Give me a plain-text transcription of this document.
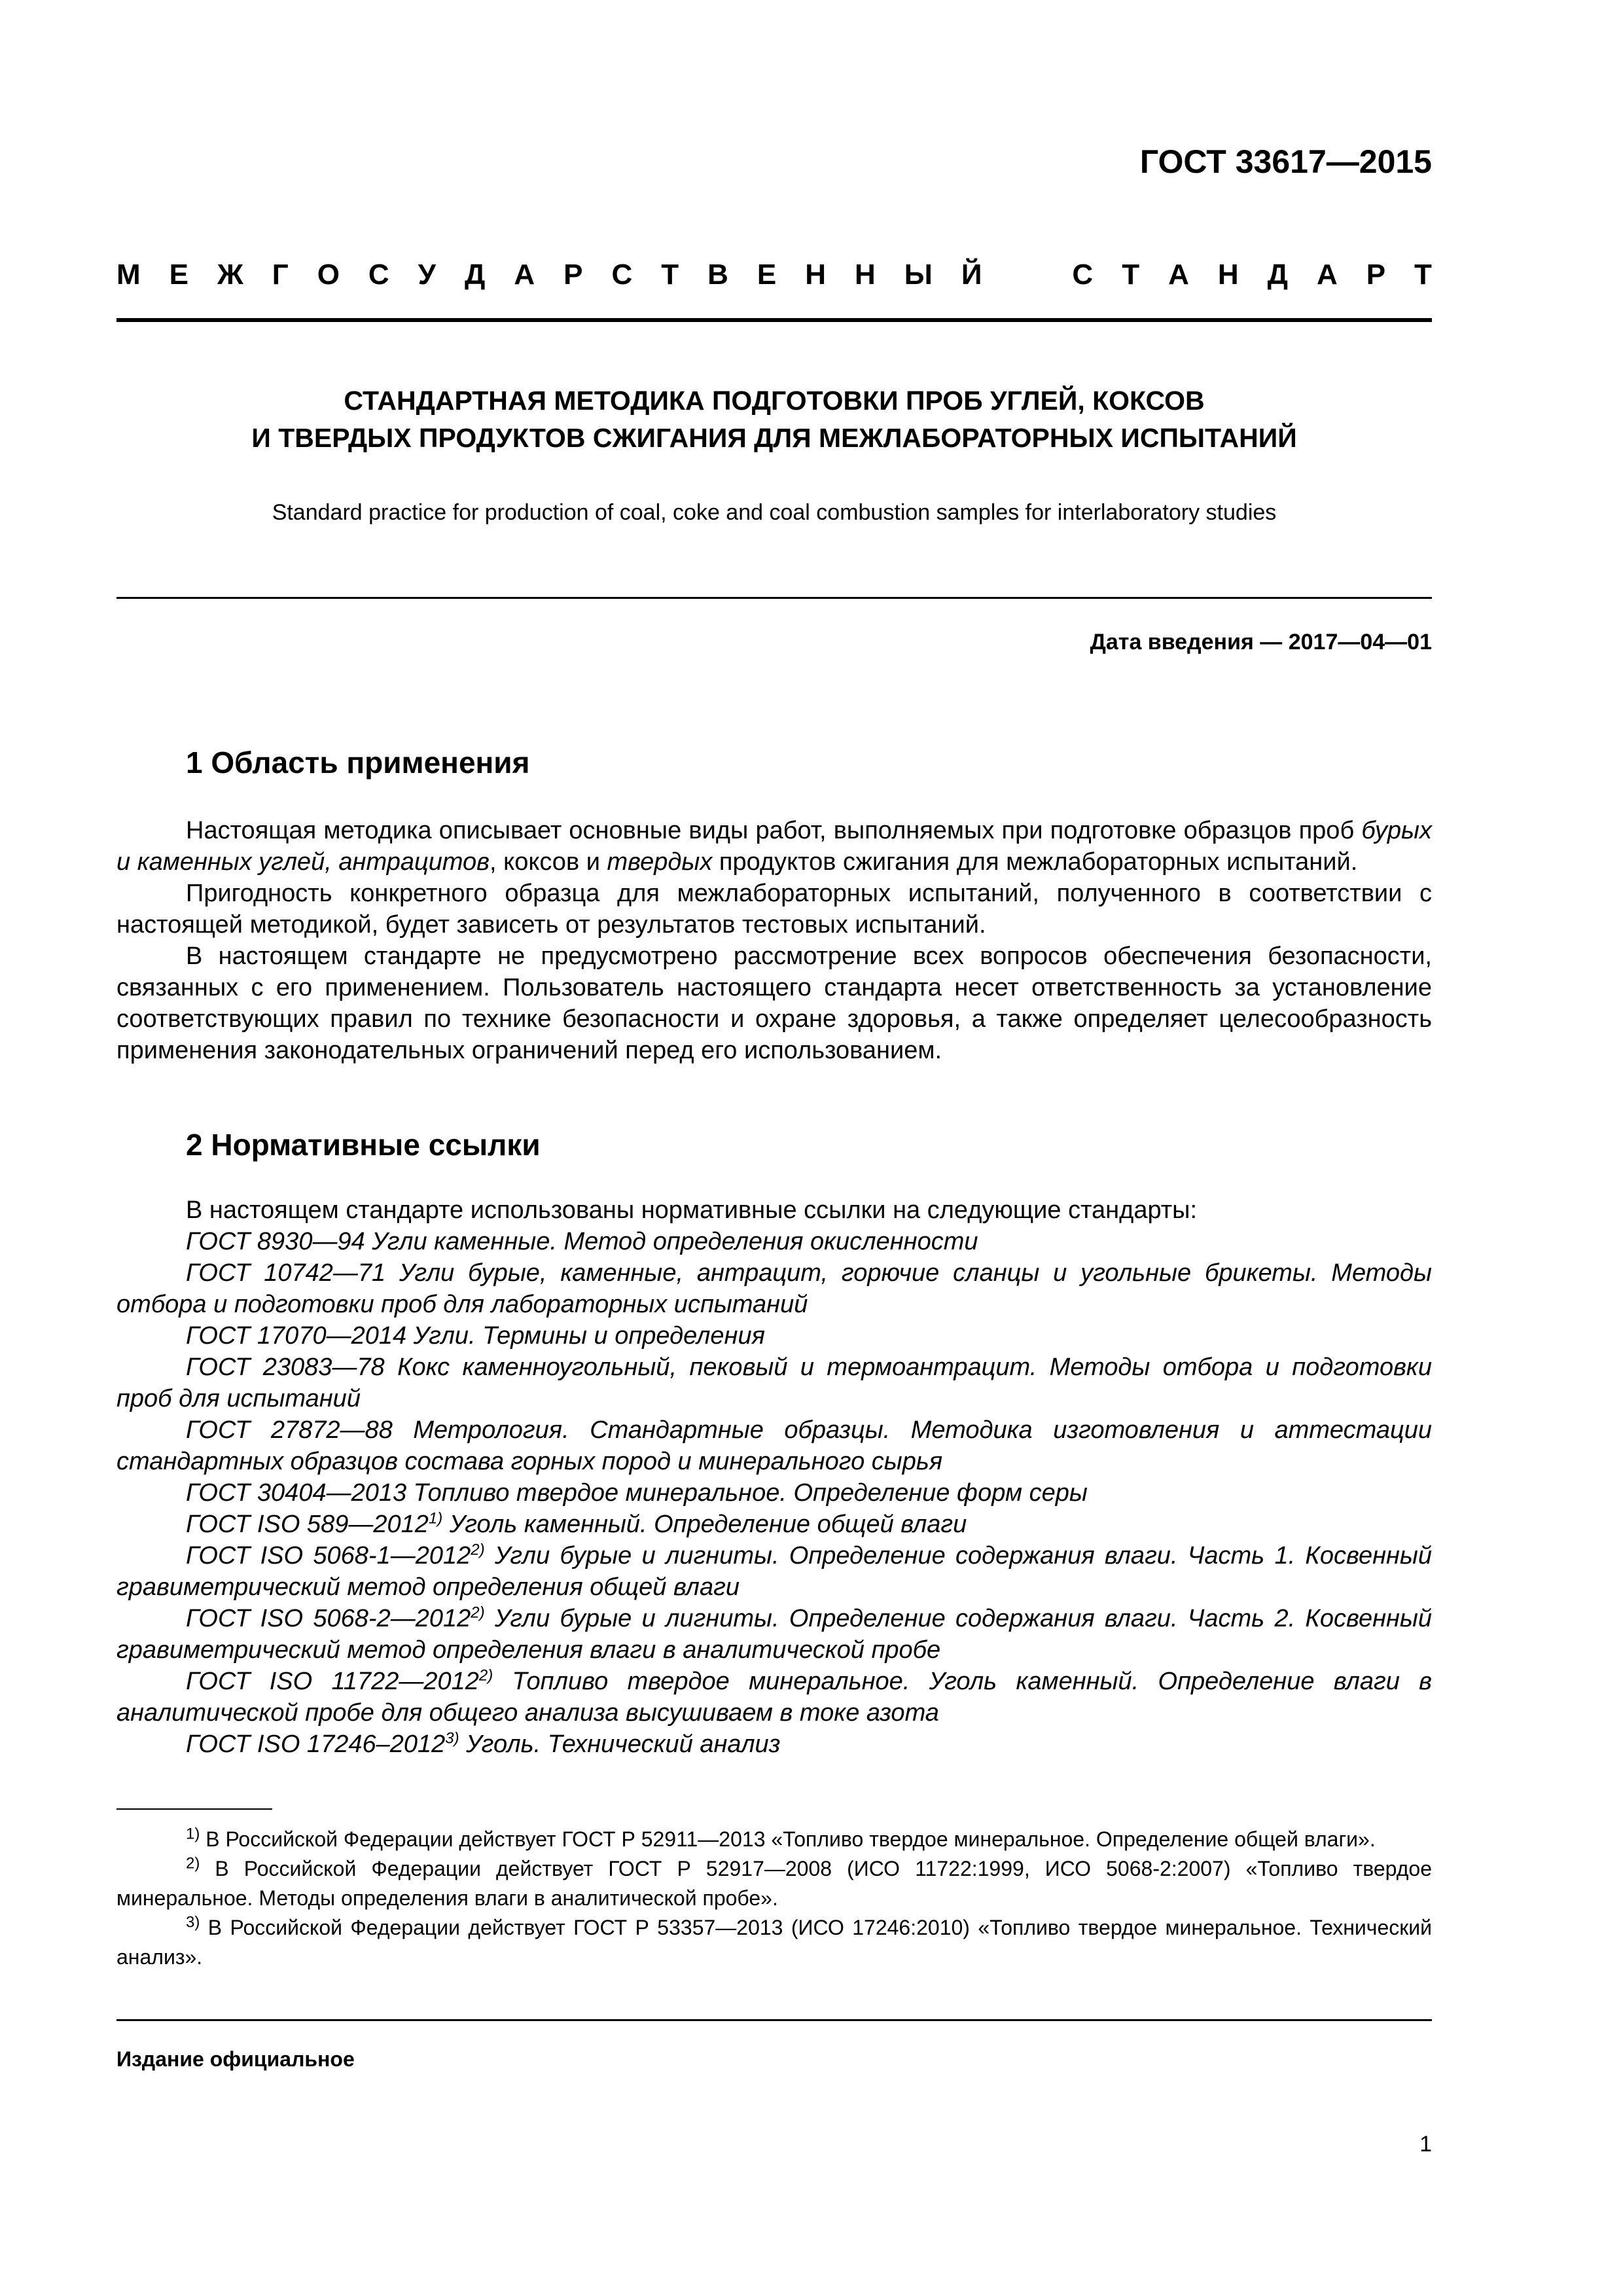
ГОСТ 33617—2015
М Е Ж Г О С У Д А Р С Т В Е Н Н Ы Й	С Т А Н Д А Р Т
СТАНДАРТНАЯ МЕТОДИКА ПОДГОТОВКИ ПРОБ УГЛЕЙ, КОКСОВ
И ТВЕРДЫХ ПРОДУКТОВ СЖИГАНИЯ ДЛЯ МЕЖЛАБОРАТОРНЫХ ИСПЫТАНИЙ
Standard practice for production of coal, coke and coal combustion samples for interlaboratory studies
Дата введения — 2017—04—01
1 Область применения

Настоящая методика описывает основные виды работ, выполняемых при подготовке образцов проб бурых и каменных углей, антрацитов, коксов и твердых продуктов сжигания для межлабораторных испытаний.

Пригодность конкретного образца для межлабораторных испытаний, полученного в соответствии с настоящей методикой, будет зависеть от результатов тестовых испытаний.

В настоящем стандарте не предусмотрено рассмотрение всех вопросов обеспечения безопасности, связанных с его применением. Пользователь настоящего стандарта несет ответственность за установление соответствующих правил по технике безопасности и охране здоровья, а также определяет целесообразность применения законодательных ограничений перед его использованием.

2 Нормативные ссылки

В настоящем стандарте использованы нормативные ссылки на следующие стандарты:

ГОСТ 8930—94 Угли каменные. Метод определения окисленности

ГОСТ 10742—71 Угли бурые, каменные, антрацит, горючие сланцы и угольные брикеты. Методы отбора и подготовки проб для лабораторных испытаний

ГОСТ 17070—2014 Угли. Термины и определения

ГОСТ 23083—78 Кокс каменноугольный, пековый и термоантрацит. Методы отбора и подготовки проб для испытаний

ГОСТ 27872—88 Метрология. Стандартные образцы. Методика изготовления и аттестации стандартных образцов состава горных пород и минерального сырья

ГОСТ 30404—2013 Топливо твердое минеральное. Определение форм серы

ГОСТ ISO 589—2012$^{1)}$ Уголь каменный. Определение общей влаги

ГОСТ ISO 5068-1—2012$^{2)}$ Угли бурые и лигниты. Определение содержания влаги. Часть 1. Косвенный гравиметрический метод определения общей влаги

ГОСТ ISO 5068-2—2012$^{2)}$ Угли бурые и лигниты. Определение содержания влаги. Часть 2. Косвенный гравиметрический метод определения влаги в аналитической пробе

ГОСТ ISO 11722—2012$^{2)}$ Топливо твердое минеральное. Уголь каменный. Определение влаги в аналитической пробе для общего анализа высушиваем в токе азота

ГОСТ ISO 17246–2012$^{3)}$ Уголь. Технический анализ

$^{1)}$ В Российской Федерации действует ГОСТ Р 52911—2013 «Топливо твердое минеральное. Определение общей влаги».

$^{2)}$ В Российской Федерации действует ГОСТ Р 52917—2008 (ИСО 11722:1999, ИСО 5068-2:2007) «Топливо твердое минеральное. Методы определения влаги в аналитической пробе».

$^{3)}$ В Российской Федерации действует ГОСТ Р 53357—2013 (ИСО 17246:2010) «Топливо твердое минеральное. Технический анализ».

Издание официальное
1
